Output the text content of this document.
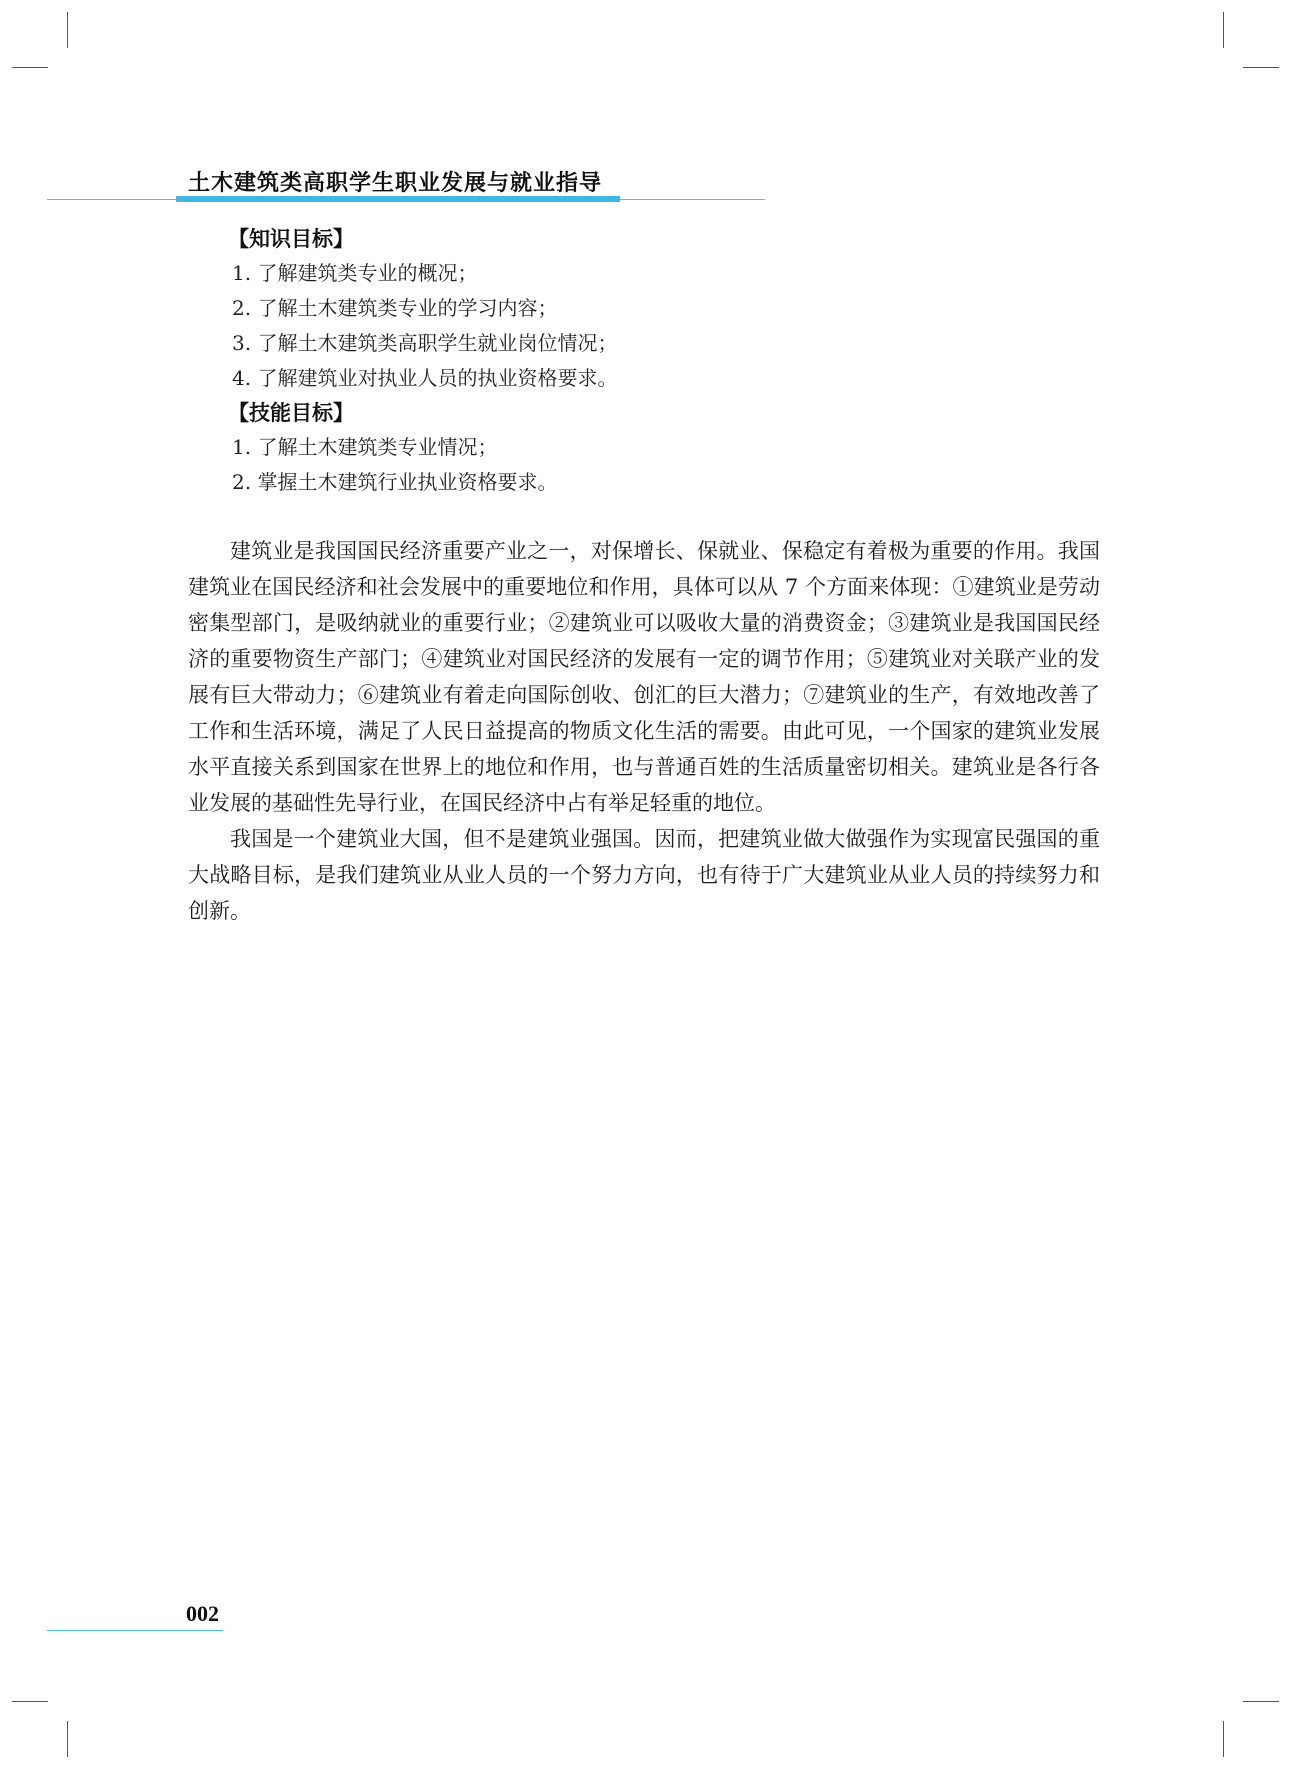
土木建筑类高职学生职业发展与就业指导
【知识目标】
1. 了解建筑类专业的概况；
2. 了解土木建筑类专业的学习内容；
3. 了解土木建筑类高职学生就业岗位情况；
4. 了解建筑业对执业人员的执业资格要求。
【技能目标】
1. 了解土木建筑类专业情况；
2. 掌握土木建筑行业执业资格要求。

建筑业是我国国民经济重要产业之一，对保增长、保就业、保稳定有着极为重要的作用。我国建筑业在国民经济和社会发展中的重要地位和作用，具体可以从 7 个方面来体现：①建筑业是劳动密集型部门，是吸纳就业的重要行业；②建筑业可以吸收大量的消费资金；③建筑业是我国国民经济的重要物资生产部门；④建筑业对国民经济的发展有一定的调节作用；⑤建筑业对关联产业的发展有巨大带动力；⑥建筑业有着走向国际创收、创汇的巨大潜力；⑦建筑业的生产，有效地改善了工作和生活环境，满足了人民日益提高的物质文化生活的需要。由此可见，一个国家的建筑业发展水平直接关系到国家在世界上的地位和作用，也与普通百姓的生活质量密切相关。建筑业是各行各业发展的基础性先导行业，在国民经济中占有举足轻重的地位。

我国是一个建筑业大国，但不是建筑业强国。因而，把建筑业做大做强作为实现富民强国的重大战略目标，是我们建筑业从业人员的一个努力方向，也有待于广大建筑业从业人员的持续努力和创新。

002
